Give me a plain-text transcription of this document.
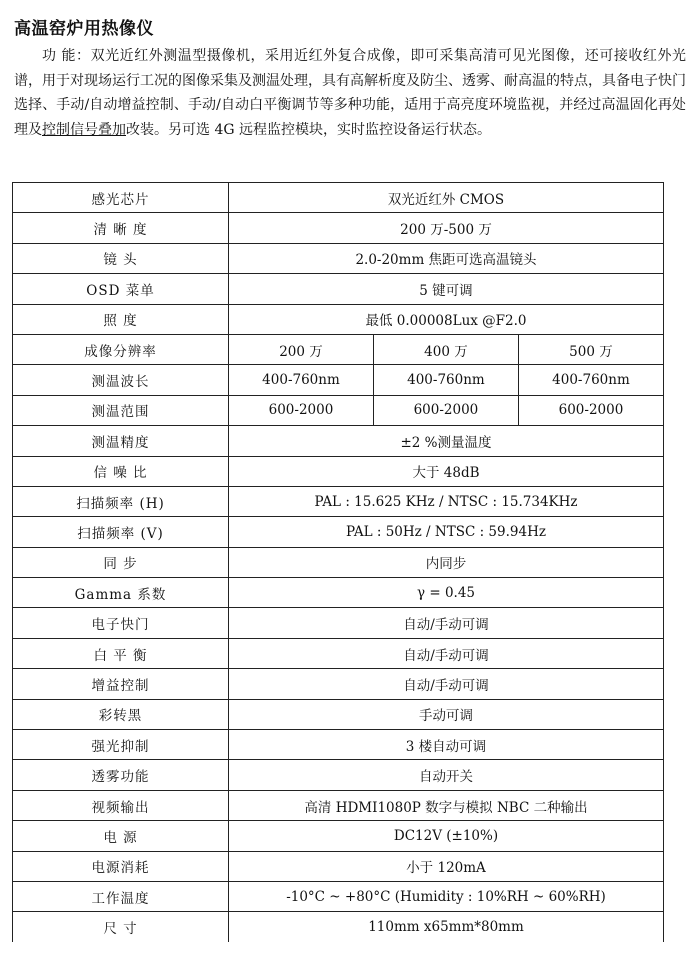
高温窑炉用热像仪

功 能：双光近红外测温型摄像机，采用近红外复合成像，即可采集高清可见光图像，还可接收红外光谱，用于对现场运行工况的图像采集及测温处理，具有高解析度及防尘、透雾、耐高温的特点，具备电子快门选择、手动/自动增益控制、手动/自动白平衡调节等多种功能，适用于高亮度环境监视，并经过高温固化再处理及控制信号叠加改装。另可选 4G 远程监控模块，实时监控设备运行状态。

感光芯片	双光近红外 CMOS		
清 晰 度	200 万-500 万		
镜 头	2.0-20mm 焦距可选高温镜头		
OSD 菜单	5 键可调		
照 度	最低 0.00008Lux @F2.0		
成像分辨率	200 万	400 万	500 万
测温波长	400-760nm	400-760nm	400-760nm
测温范围	600-2000	600-2000	600-2000
测温精度	±2 %测量温度		
信 噪 比	大于 48dB		
扫描频率 (H)	PAL : 15.625 KHz / NTSC : 15.734KHz		
扫描频率 (V)	PAL : 50Hz / NTSC : 59.94Hz		
同 步	内同步		
Gamma 系数	γ = 0.45		
电子快门	自动/手动可调		
白 平 衡	自动/手动可调		
增益控制	自动/手动可调		
彩转黑	手动可调		
强光抑制	3 楼自动可调		
透雾功能	自动开关		
视频输出	高清 HDMI1080P 数字与模拟 NBC 二种输出		
电 源	DC12V (±10%)		
电源消耗	小于 120mA		
工作温度	-10°C ~ +80°C (Humidity : 10%RH ~ 60%RH)		
尺 寸	110mm x65mm*80mm		
